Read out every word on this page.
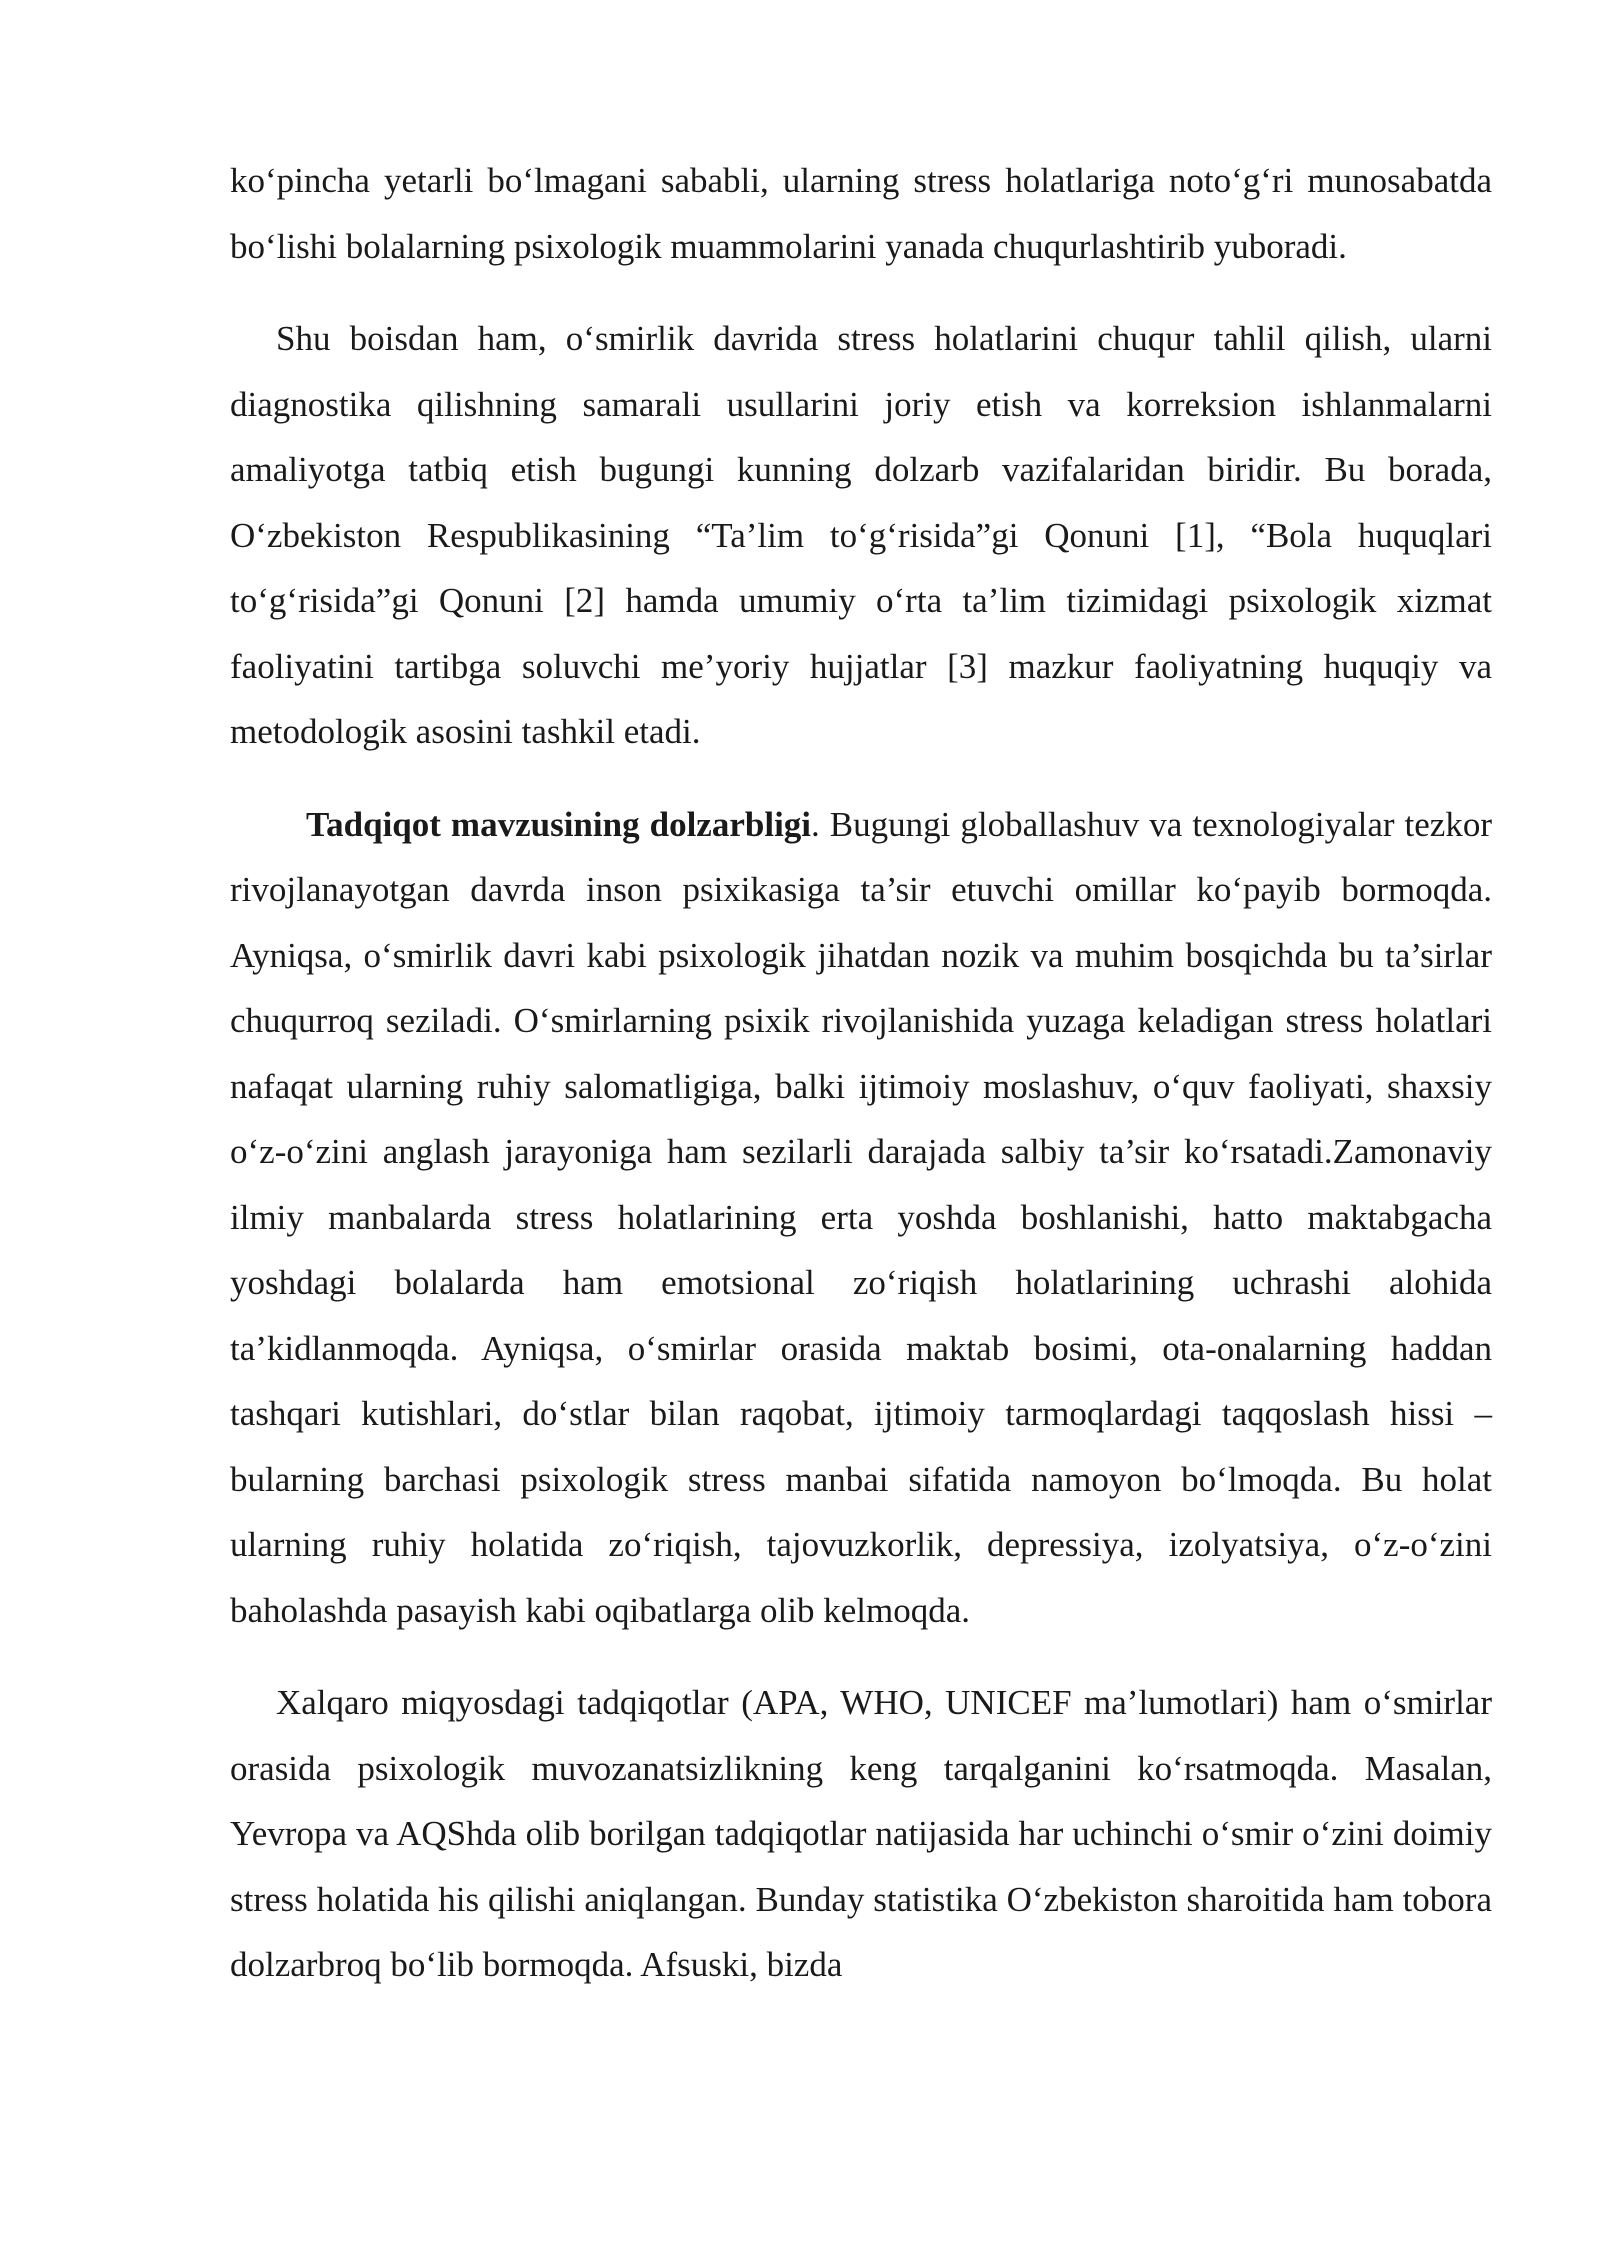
ko‘pincha yetarli bo‘lmagani sababli, ularning stress holatlariga noto‘g‘ri munosabatda bo‘lishi bolalarning psixologik muammolarini yanada chuqurlashtirib yuboradi.

Shu boisdan ham, o‘smirlik davrida stress holatlarini chuqur tahlil qilish, ularni diagnostika qilishning samarali usullarini joriy etish va korreksion ishlanmalarni amaliyotga tatbiq etish bugungi kunning dolzarb vazifalaridan biridir. Bu borada, O‘zbekiston Respublikasining “Ta’lim to‘g‘risida”gi Qonuni [1], “Bola huquqlari to‘g‘risida”gi Qonuni [2] hamda umumiy o‘rta ta’lim tizimidagi psixologik xizmat faoliyatini tartibga soluvchi me’yoriy hujjatlar [3] mazkur faoliyatning huquqiy va metodologik asosini tashkil etadi.

Tadqiqot mavzusining dolzarbligi. Bugungi globallashuv va texnologiyalar tezkor rivojlanayotgan davrda inson psixikasiga ta’sir etuvchi omillar ko‘payib bormoqda. Ayniqsa, o‘smirlik davri kabi psixologik jihatdan nozik va muhim bosqichda bu ta’sirlar chuqurroq seziladi. O‘smirlarning psixik rivojlanishida yuzaga keladigan stress holatlari nafaqat ularning ruhiy salomatligiga, balki ijtimoiy moslashuv, o‘quv faoliyati, shaxsiy o‘z-o‘zini anglash jarayoniga ham sezilarli darajada salbiy ta’sir ko‘rsatadi.Zamonaviy ilmiy manbalarda stress holatlarining erta yoshda boshlanishi, hatto maktabgacha yoshdagi bolalarda ham emotsional zo‘riqish holatlarining uchrashi alohida ta’kidlanmoqda. Ayniqsa, o‘smirlar orasida maktab bosimi, ota-onalarning haddan tashqari kutishlari, do‘stlar bilan raqobat, ijtimoiy tarmoqlardagi taqqoslash hissi – bularning barchasi psixologik stress manbai sifatida namoyon bo‘lmoqda. Bu holat ularning ruhiy holatida zo‘riqish, tajovuzkorlik, depressiya, izolyatsiya, o‘z-o‘zini baholashda pasayish kabi oqibatlarga olib kelmoqda.

Xalqaro miqyosdagi tadqiqotlar (APA, WHO, UNICEF ma’lumotlari) ham o‘smirlar orasida psixologik muvozanatsizlikning keng tarqalganini ko‘rsatmoqda. Masalan, Yevropa va AQShda olib borilgan tadqiqotlar natijasida har uchinchi o‘smir o‘zini doimiy stress holatida his qilishi aniqlangan. Bunday statistika O‘zbekiston sharoitida ham tobora dolzarbroq bo‘lib bormoqda. Afsuski, bizda
